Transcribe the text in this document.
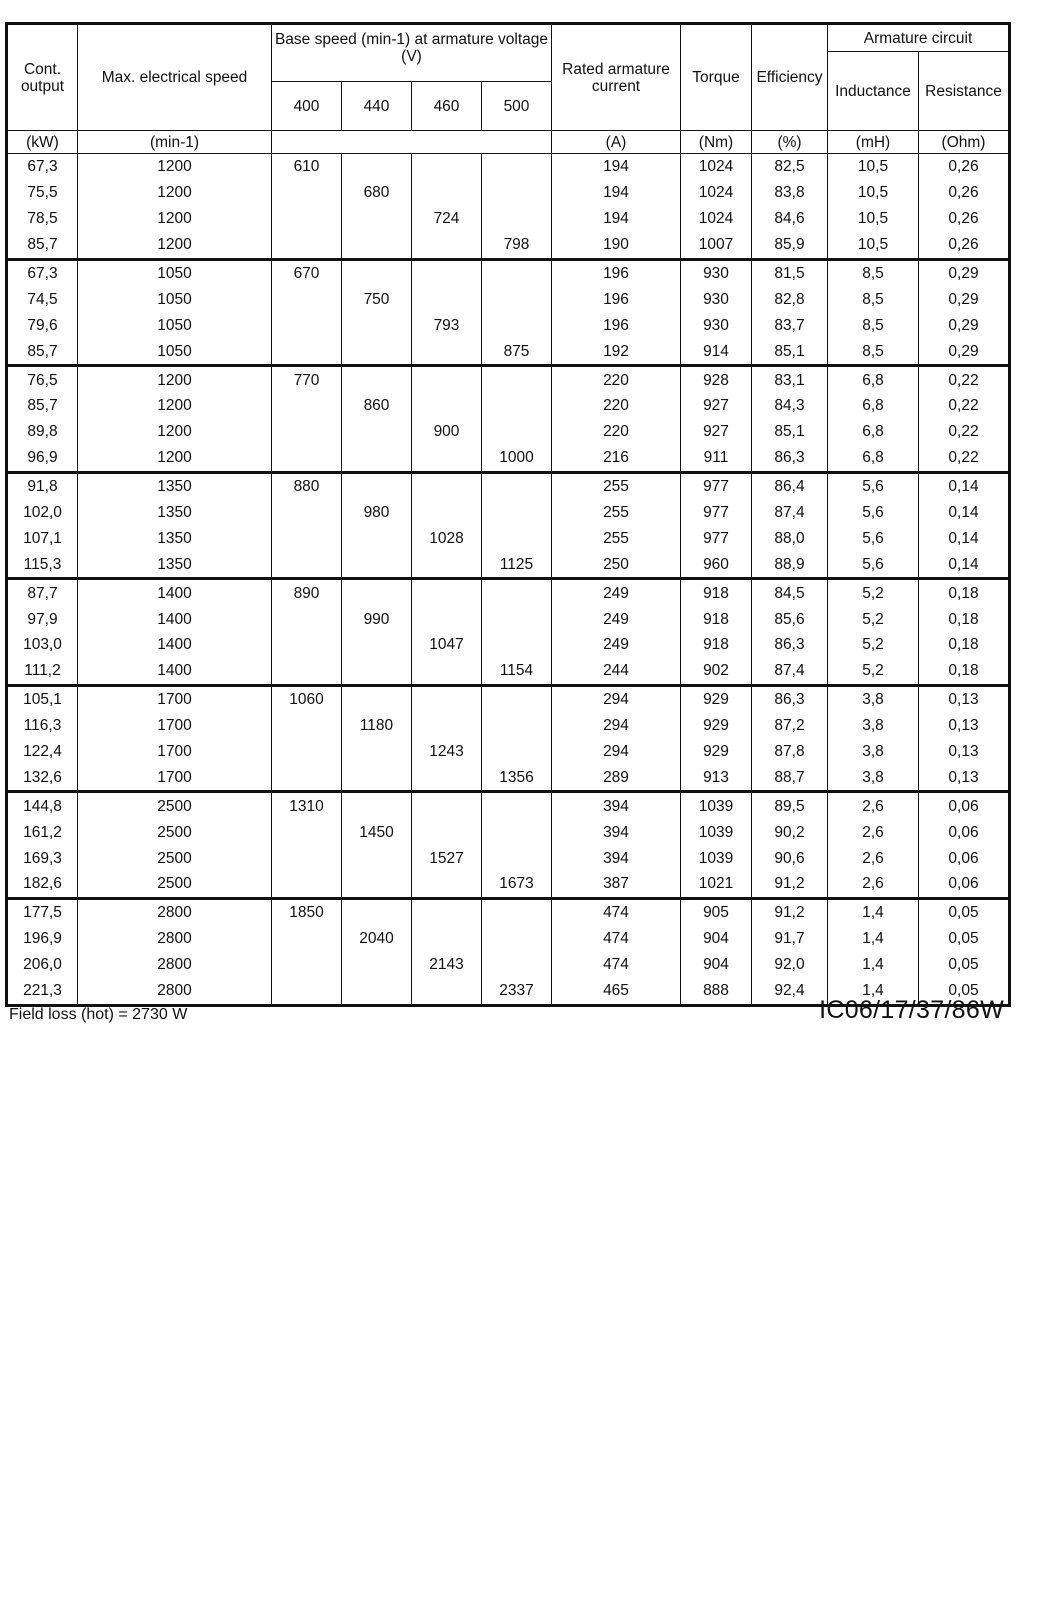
Cont. output	Max. electrical speed	Base speed (min-1) at armature voltage (V)				Rated armature current	Torque	Efficiency	Armature circuit	
									Inductance	Resistance
		400	440	460	500					
(kW)	(min-1)					(A)	(Nm)	(%)	(mH)	(Ohm)
67,3	1200	610				194	1024	82,5	10,5	0,26
75,5	1200		680			194	1024	83,8	10,5	0,26
78,5	1200			724		194	1024	84,6	10,5	0,26
85,7	1200				798	190	1007	85,9	10,5	0,26
67,3	1050	670				196	930	81,5	8,5	0,29
74,5	1050		750			196	930	82,8	8,5	0,29
79,6	1050			793		196	930	83,7	8,5	0,29
85,7	1050				875	192	914	85,1	8,5	0,29
76,5	1200	770				220	928	83,1	6,8	0,22
85,7	1200		860			220	927	84,3	6,8	0,22
89,8	1200			900		220	927	85,1	6,8	0,22
96,9	1200				1000	216	911	86,3	6,8	0,22
91,8	1350	880				255	977	86,4	5,6	0,14
102,0	1350		980			255	977	87,4	5,6	0,14
107,1	1350			1028		255	977	88,0	5,6	0,14
115,3	1350				1125	250	960	88,9	5,6	0,14
87,7	1400	890				249	918	84,5	5,2	0,18
97,9	1400		990			249	918	85,6	5,2	0,18
103,0	1400			1047		249	918	86,3	5,2	0,18
111,2	1400				1154	244	902	87,4	5,2	0,18
105,1	1700	1060				294	929	86,3	3,8	0,13
116,3	1700		1180			294	929	87,2	3,8	0,13
122,4	1700			1243		294	929	87,8	3,8	0,13
132,6	1700				1356	289	913	88,7	3,8	0,13
144,8	2500	1310				394	1039	89,5	2,6	0,06
161,2	2500		1450			394	1039	90,2	2,6	0,06
169,3	2500			1527		394	1039	90,6	2,6	0,06
182,6	2500				1673	387	1021	91,2	2,6	0,06
177,5	2800	1850				474	905	91,2	1,4	0,05
196,9	2800		2040			474	904	91,7	1,4	0,05
206,0	2800			2143		474	904	92,0	1,4	0,05
221,3	2800				2337	465	888	92,4	1,4	0,05
Field loss (hot) = 2730 W	IC06/17/37/86W
